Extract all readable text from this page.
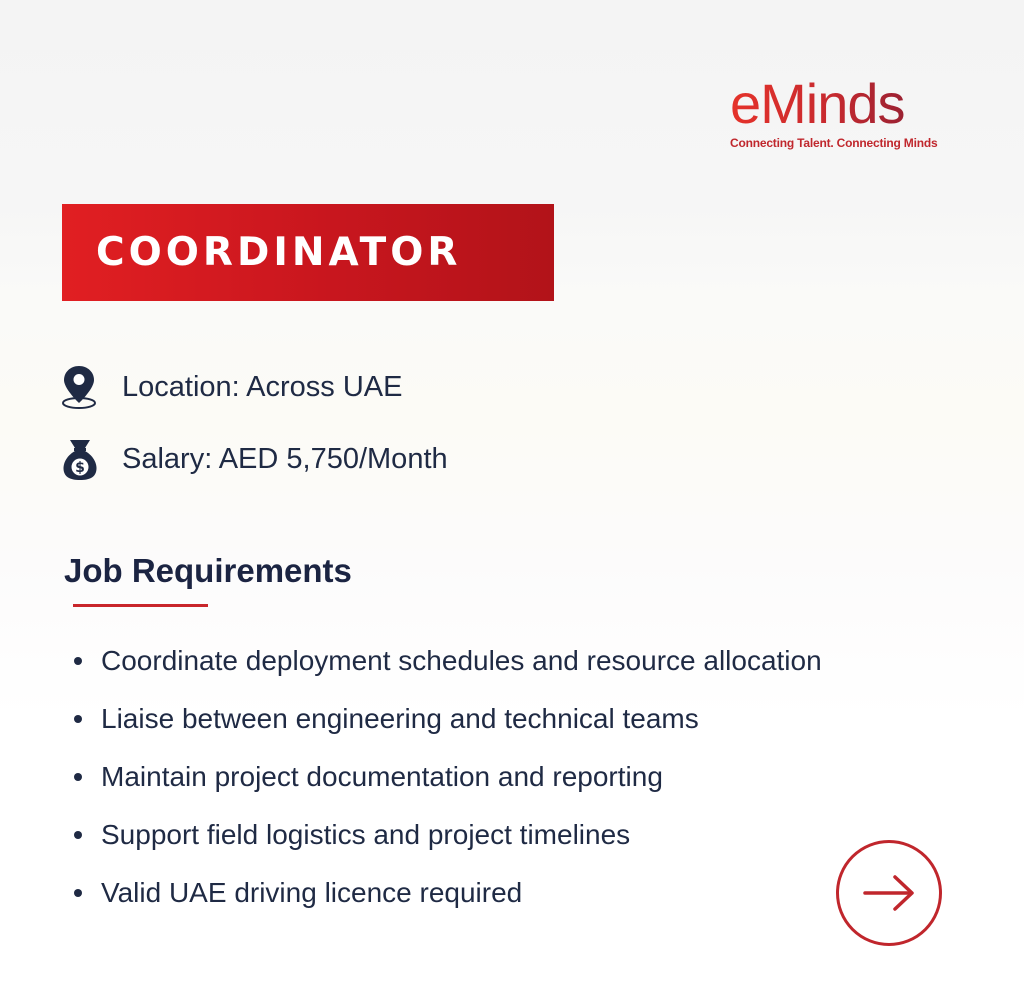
eMinds
Connecting Talent. Connecting Minds
COORDINATOR
Location: Across UAE
$ Salary: AED 5,750/Month
Job Requirements
Coordinate deployment schedules and resource allocation
Liaise between engineering and technical teams
Maintain project documentation and reporting
Support field logistics and project timelines
Valid UAE driving licence required
